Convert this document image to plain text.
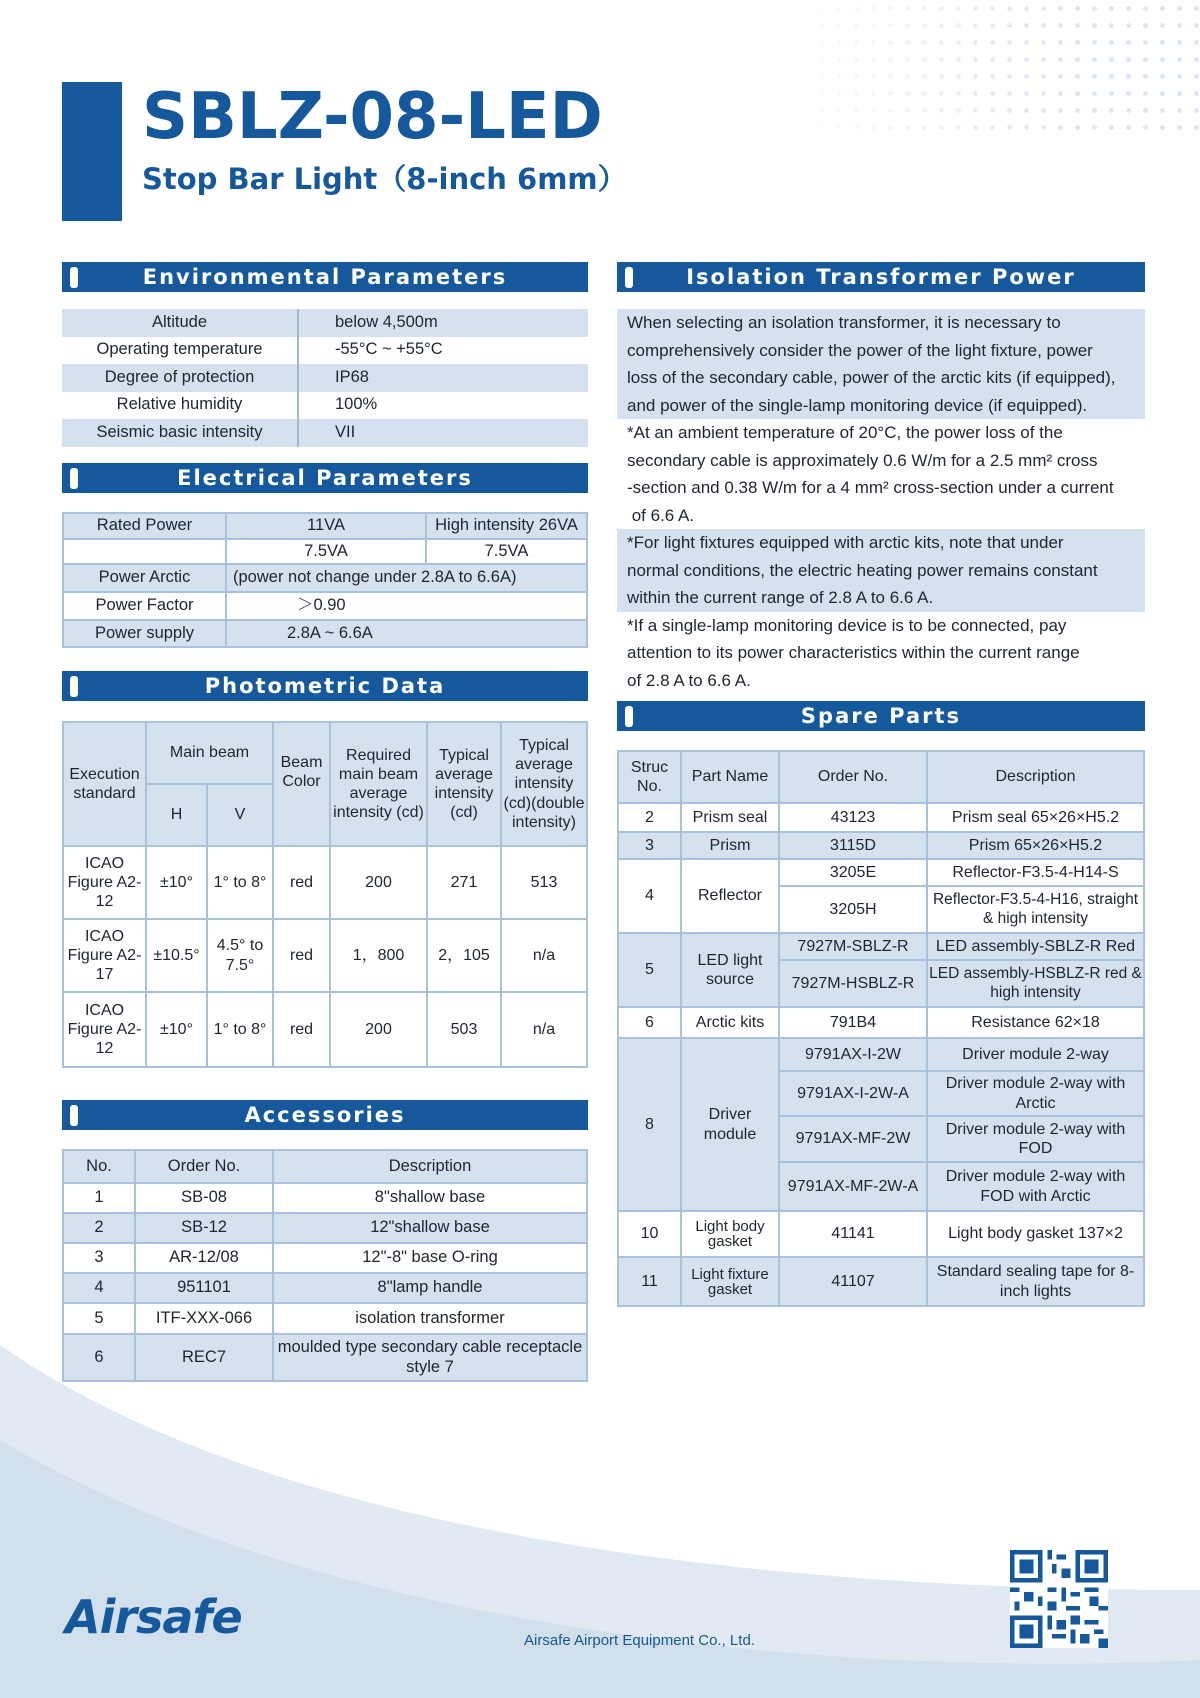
SBLZ-08-LED
Stop Bar Light（8-inch 6mm）
Environmental Parameters
Altitude	below 4,500m
Operating temperature	-55°C ~ +55°C
Degree of protection	IP68
Relative humidity	100%
Seismic basic intensity	VII
Electrical Parameters
Rated Power	11VA	High intensity 26VA
	7.5VA	7.5VA
Power Arctic	(power not change under 2.8A to 6.6A)	
Power Factor	＞0.90	
Power supply	2.8A ~ 6.6A	
Photometric Data
Execution standard	Main beam		Beam Color	Required main beam average intensity (cd)	Typical average intensity (cd)	Typical average intensity (cd)(double intensity)
	H	V				
ICAO Figure A2-12	±10°	1° to 8°	red	200	271	513
ICAO Figure A2-17	±10.5°	4.5° to 7.5°	red	1，800	2，105	n/a
ICAO Figure A2-12	±10°	1° to 8°	red	200	503	n/a
Accessories
No.	Order No.	Description
1	SB-08	8"shallow base
2	SB-12	12"shallow base
3	AR-12/08	12"-8" base O-ring
4	951101	8"lamp handle
5	ITF-XXX-066	isolation transformer
6	REC7	moulded type secondary cable receptacle style 7
Isolation Transformer Power
When selecting an isolation transformer, it is necessary to
comprehensively consider the power of the light fixture, power
loss of the secondary cable, power of the arctic kits (if equipped),
and power of the single-lamp monitoring device (if equipped).
*At an ambient temperature of 20°C, the power loss of the
secondary cable is approximately 0.6 W/m for a 2.5 mm² cross
-section and 0.38 W/m for a 4 mm² cross-section under a current
of 6.6 A.
*For light fixtures equipped with arctic kits, note that under
normal conditions, the electric heating power remains constant
within the current range of 2.8 A to 6.6 A.
*If a single-lamp monitoring device is to be connected, pay
attention to its power characteristics within the current range
of 2.8 A to 6.6 A.
Spare Parts
Struc No.	Part Name	Order No.	Description
2	Prism seal	43123	Prism seal 65×26×H5.2
3	Prism	3115D	Prism 65×26×H5.2
4	Reflector	3205E	Reflector-F3.5-4-H14-S
		3205H	Reflector-F3.5-4-H16, straight & high intensity
5	LED light source	7927M-SBLZ-R	LED assembly-SBLZ-R Red
		7927M-HSBLZ-R	LED assembly-HSBLZ-R red & high intensity
6	Arctic kits	791B4	Resistance 62×18
8	Driver module	9791AX-I-2W	Driver module 2-way
		9791AX-I-2W-A	Driver module 2-way with Arctic
		9791AX-MF-2W	Driver module 2-way with FOD
		9791AX-MF-2W-A	Driver module 2-way with FOD with Arctic
10	Light body gasket	41141	Light body gasket 137×2
11	Light fixture gasket	41107	Standard sealing tape for 8-inch lights
Airsafe	Airsafe Airport Equipment Co., Ltd.
